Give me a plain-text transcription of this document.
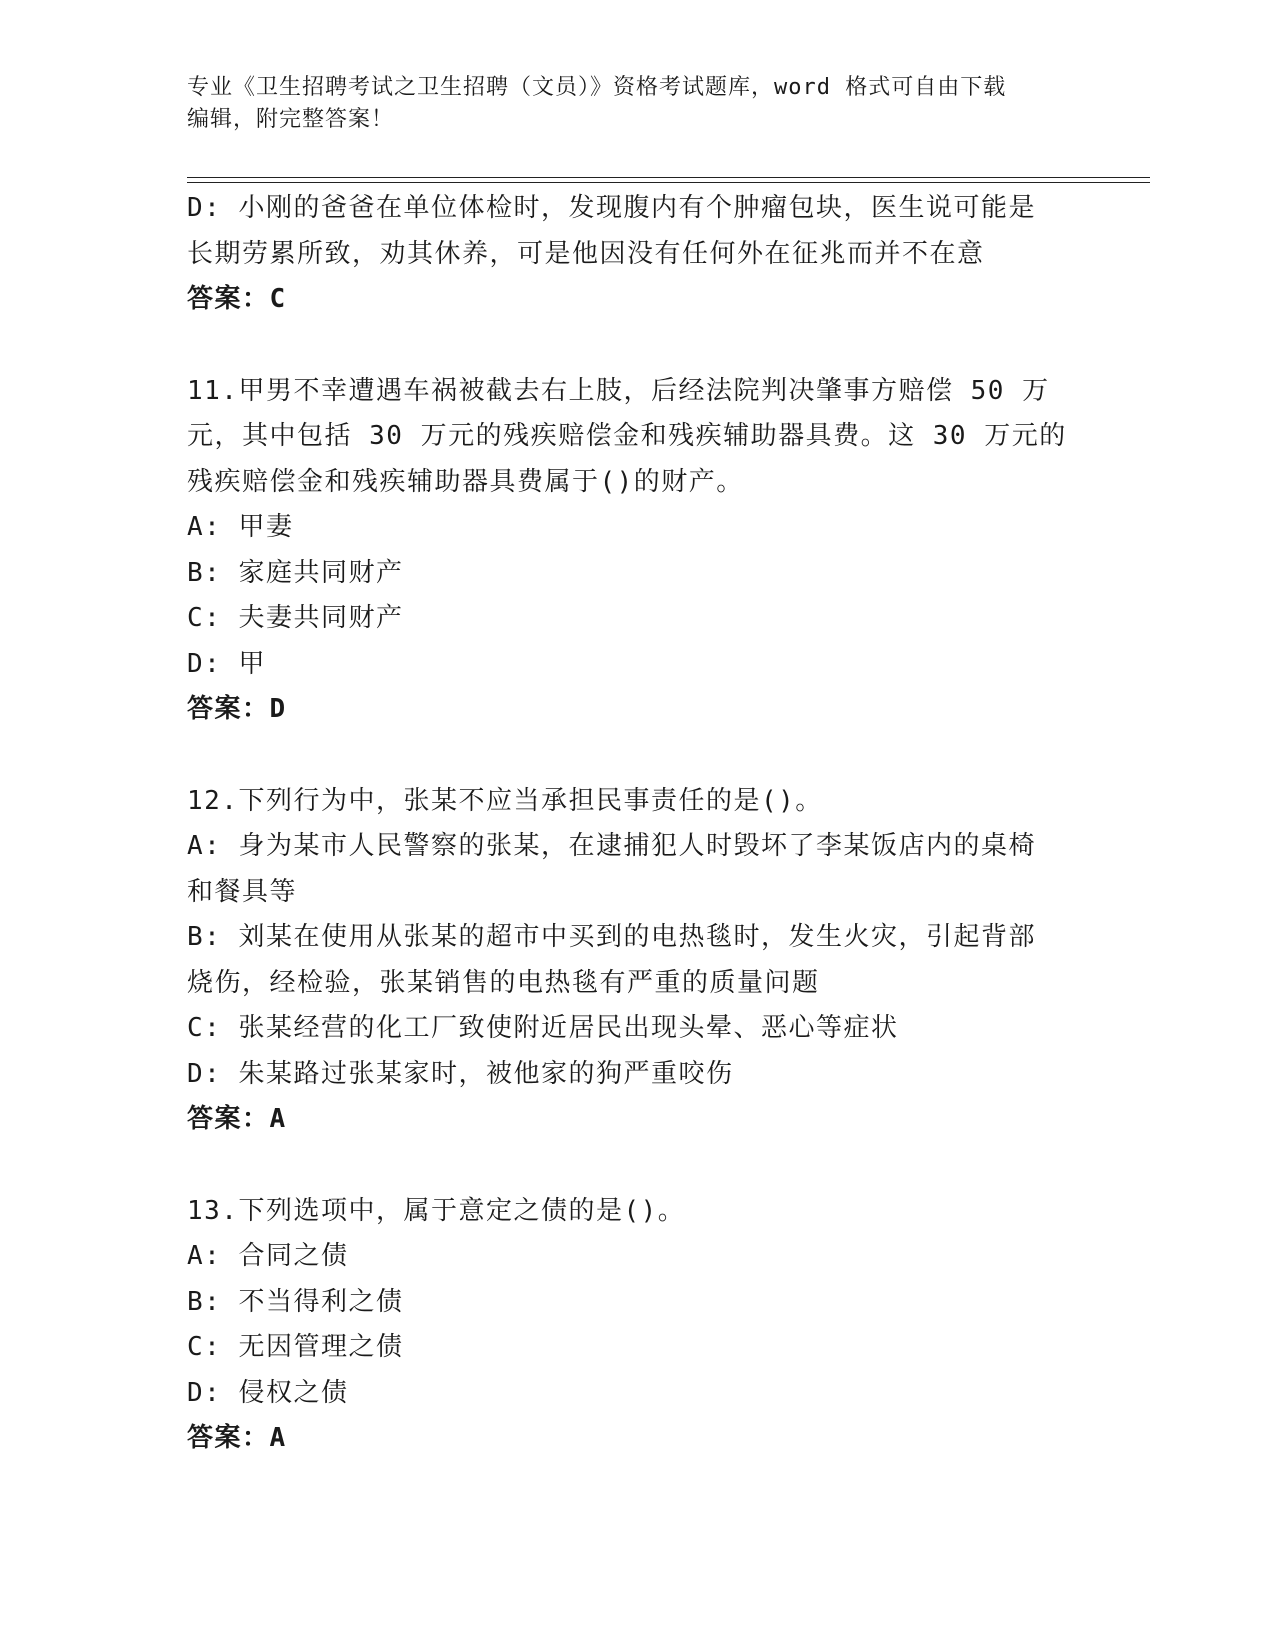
专业《卫生招聘考试之卫生招聘（文员）》资格考试题库，word 格式可自由下载

编辑，附完整答案！

D: 小刚的爸爸在单位体检时，发现腹内有个肿瘤包块，医生说可能是

长期劳累所致，劝其休养，可是他因没有任何外在征兆而并不在意

答案：C

11.甲男不幸遭遇车祸被截去右上肢，后经法院判决肇事方赔偿 50 万

元，其中包括 30 万元的残疾赔偿金和残疾辅助器具费。这 30 万元的

残疾赔偿金和残疾辅助器具费属于()的财产。

A: 甲妻

B: 家庭共同财产

C: 夫妻共同财产

D: 甲

答案：D

12.下列行为中，张某不应当承担民事责任的是()。

A: 身为某市人民警察的张某，在逮捕犯人时毁坏了李某饭店内的桌椅

和餐具等

B: 刘某在使用从张某的超市中买到的电热毯时，发生火灾，引起背部

烧伤，经检验，张某销售的电热毯有严重的质量问题

C: 张某经营的化工厂致使附近居民出现头晕、恶心等症状

D: 朱某路过张某家时，被他家的狗严重咬伤

答案：A

13.下列选项中，属于意定之债的是()。

A: 合同之债

B: 不当得利之债

C: 无因管理之债

D: 侵权之债

答案：A
